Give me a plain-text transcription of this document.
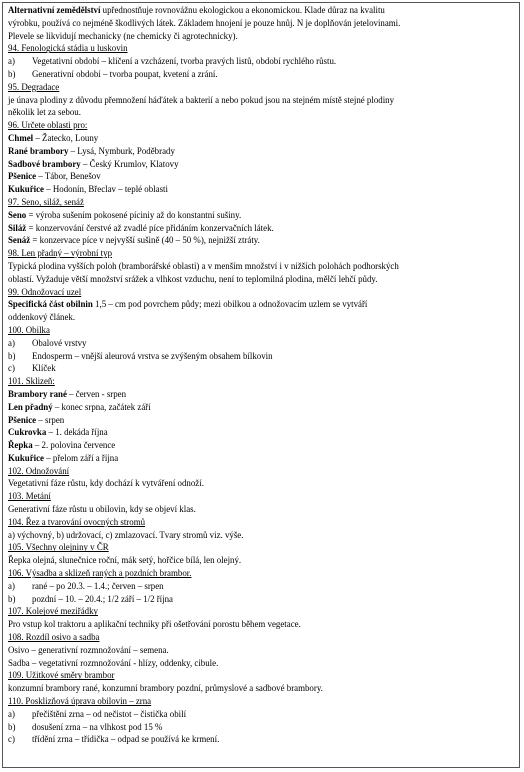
Alternativní zemědělství upřednostňuje rovnovážnu ekologickou a ekonomickou. Klade důraz na kvalitu
výrobku, používá co nejméně škodlivých látek. Základem hnojení je pouze hnůj. N je doplňován jetelovinami.
Plevele se likvidují mechanicky (ne chemicky či agrotechnicky).
94. Fenologická stádia u luskovin
a)	Vegetativní období – klíčení a vzcházení, tvorba pravých listů, období rychlého růstu.
b)	Generativní období – tvorba poupat, kvetení a zrání.
95. Degradace
je únava plodiny z důvodu přemnožení háďátek a bakterií a nebo pokud jsou na stejném místě stejné plodiny
několik let za sebou.
96. Určete oblasti pro:
Chmel – Žatecko, Louny
Rané brambory – Lysá, Nymburk, Poděbrady
Sadbové brambory – Český Krumlov, Klatovy
Pšenice – Tábor, Benešov
Kukuřice – Hodonín, Břeclav – teplé oblasti
97. Seno, siláž, senáž
Seno = výroba sušením pokosené píciniy až do konstantní sušiny.
Siláž = konzervování čerstvé až zvadlé píce přidáním konzervačních látek.
Senáž = konzervace píce v nejvyšší sušině (40 – 50 %), nejnižší ztráty.
98. Len přadný – výrobní typ
Typická plodina vyšších poloh (bramborářské oblasti) a v menším množství i v nižších polohách podhorských
oblastí. Vyžaduje větší množství srážek a vlhkost vzduchu, není to teplomilná plodina, mělčí lehčí půdy.
99. Odnožovací uzel
Specifická část obilnin 1,5 – cm pod povrchem půdy; mezi obilkou a odnožovacím uzlem se vytváří
oddenkový článek.
100. Obilka
a)	Obalové vrstvy
b)	Endosperm – vnější aleurová vrstva se zvýšeným obsahem bílkovin
c)	Klíček
101. Sklizeň:
Brambory rané – červen - srpen
Len přadný – konec srpna, začátek září
Pšenice – srpen
Cukrovka – 1. dekáda října
Řepka – 2. polovina července
Kukuřice – přelom září a října
102. Odnožování
Vegetativní fáze růstu, kdy dochází k vytváření odnoží.
103. Metání
Generativní fáze růstu u obilovin, kdy se objeví klas.
104. Řez a tvarování ovocných stromů
a) výchovný, b) udržovací, c) zmlazovací. Tvary stromů viz. výše.
105. Všechny olejniny v ČR
Řepka olejná, slunečnice roční, mák setý, hořčice bílá, len olejný.
106. Výsadba a sklizeň raných a pozdních brambor.
a)	rané – po 20.3. – 1.4.; červen – srpen
b)	pozdní – 10. – 20.4.; 1/2 září – 1/2 října
107. Kolejové meziřádky
Pro vstup kol traktoru a aplikační techniky při ošetřování porostu během vegetace.
108. Rozdíl osivo a sadba
Osivo – generativní rozmnožování – semena.
Sadba – vegetativní rozmnožování - hlízy, oddenky, cibule.
109. Užitkové směry brambor
konzumní brambory rané, konzumní brambory pozdní, průmyslové a sadbové brambory.
110. Posklizňová úprava obilovin – zrna
a)	přečištění zrna – od nečistot – čistička obilí
b)	dosušení zrna – na vlhkost pod 15 %
c)	třídění zrna – třídička – odpad se používá ke krmení.
